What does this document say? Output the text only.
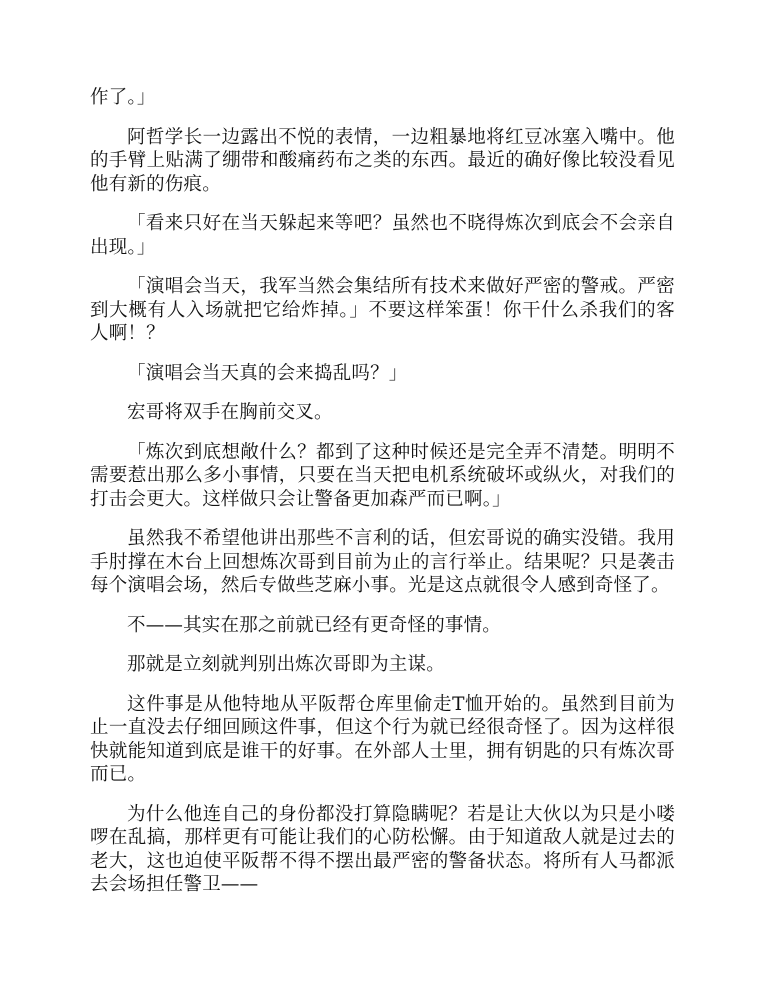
作了。」

阿哲学长一边露出不悦的表情，一边粗暴地将红豆冰塞入嘴中。他的手臂上贴满了绷带和酸痛药布之类的东西。最近的确好像比较没看见他有新的伤痕。

「看来只好在当天躲起来等吧？虽然也不晓得炼次到底会不会亲自出现。」

「演唱会当天，我军当然会集结所有技术来做好严密的警戒。严密到大概有人入场就把它给炸掉。」不要这样笨蛋！你干什么杀我们的客人啊！？

「演唱会当天真的会来捣乱吗？」

宏哥将双手在胸前交叉。

「炼次到底想敞什么？都到了这种时候还是完全弄不清楚。明明不需要惹出那么多小事情，只要在当天把电机系统破坏或纵火，对我们的打击会更大。这样做只会让警备更加森严而已啊。」

虽然我不希望他讲出那些不言利的话，但宏哥说的确实没错。我用手肘撑在木台上回想炼次哥到目前为止的言行举止。结果呢？只是袭击每个演唱会场，然后专做些芝麻小事。光是这点就很令人感到奇怪了。

不——其实在那之前就已经有更奇怪的事情。

那就是立刻就判别出炼次哥即为主谋。

这件事是从他特地从平阪帮仓库里偷走T恤开始的。虽然到目前为止一直没去仔细回顾这件事，但这个行为就已经很奇怪了。因为这样很快就能知道到底是谁干的好事。在外部人士里，拥有钥匙的只有炼次哥而已。

为什么他连自己的身份都没打算隐瞒呢？若是让大伙以为只是小喽啰在乱搞，那样更有可能让我们的心防松懈。由于知道敌人就是过去的老大，这也迫使平阪帮不得不摆出最严密的警备状态。将所有人马都派去会场担任警卫——
